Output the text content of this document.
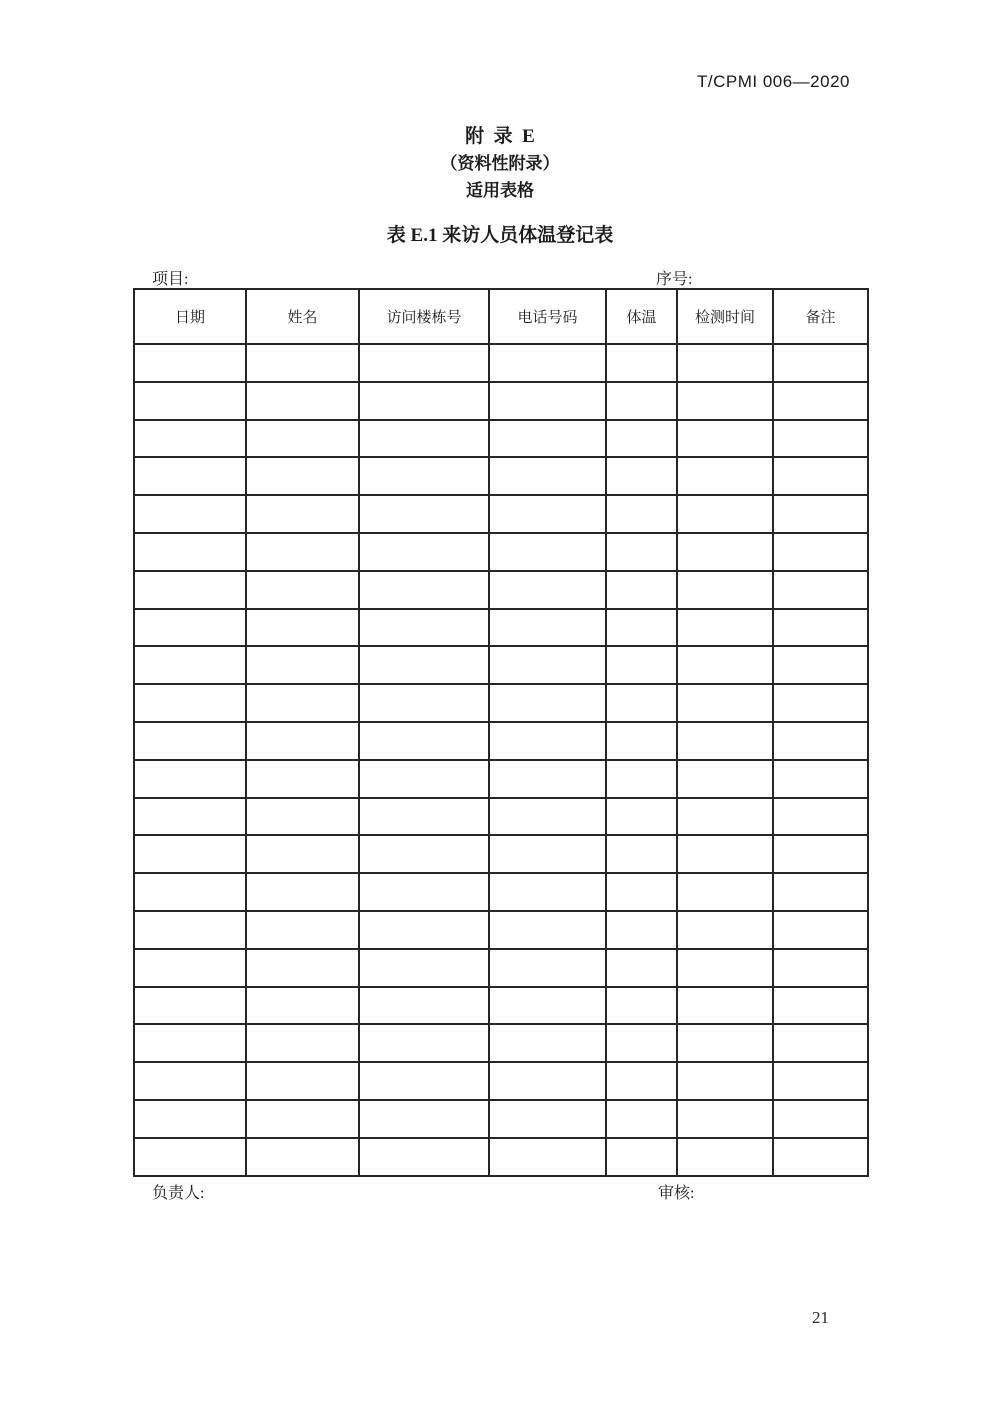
T/CPMI 006—2020
附  录  E
（资料性附录）
适用表格
表 E.1 来访人员体温登记表
项目:	序号:
日期	姓名	访问楼栋号	电话号码	体温	检测时间	备注

负责人:	审核:
21
